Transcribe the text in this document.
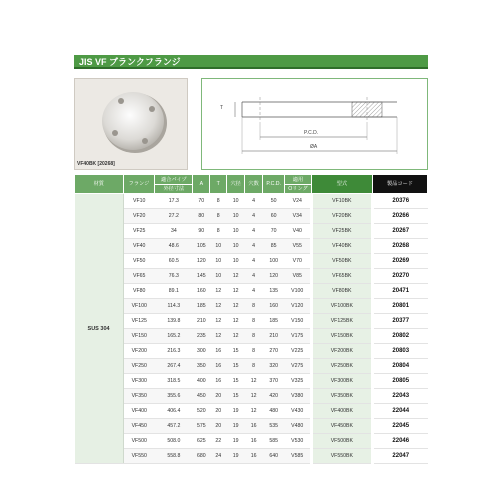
JIS VF ブランクフランジ
VF40BK [20268]
T
P.C.D.
ØA
材質	フランジ	適合パイプ
外径寸法	A	T	穴径	穴数	P.C.D.	適用
Oリング	型式	製品コード
SUS 304	VF10	17.3	70	8	10	4	50	V24	VF10BK	20376
	VF20	27.2	80	8	10	4	60	V34	VF20BK	20266
	VF25	34	90	8	10	4	70	V40	VF25BK	20267
	VF40	48.6	105	10	10	4	85	V55	VF40BK	20268
	VF50	60.5	120	10	10	4	100	V70	VF50BK	20269
	VF65	76.3	145	10	12	4	120	V85	VF65BK	20270
	VF80	89.1	160	12	12	4	135	V100	VF80BK	20471
	VF100	114.3	185	12	12	8	160	V120	VF100BK	20801
	VF125	139.8	210	12	12	8	185	V150	VF125BK	20377
	VF150	165.2	235	12	12	8	210	V175	VF150BK	20802
	VF200	216.3	300	16	15	8	270	V225	VF200BK	20803
	VF250	267.4	350	16	15	8	320	V275	VF250BK	20804
	VF300	318.5	400	16	15	12	370	V325	VF300BK	20805
	VF350	355.6	450	20	15	12	420	V380	VF350BK	22043
	VF400	406.4	520	20	19	12	480	V430	VF400BK	22044
	VF450	457.2	575	20	19	16	535	V480	VF450BK	22045
	VF500	508.0	625	22	19	16	585	V530	VF500BK	22046
	VF550	558.8	680	24	19	16	640	V585	VF550BK	22047
